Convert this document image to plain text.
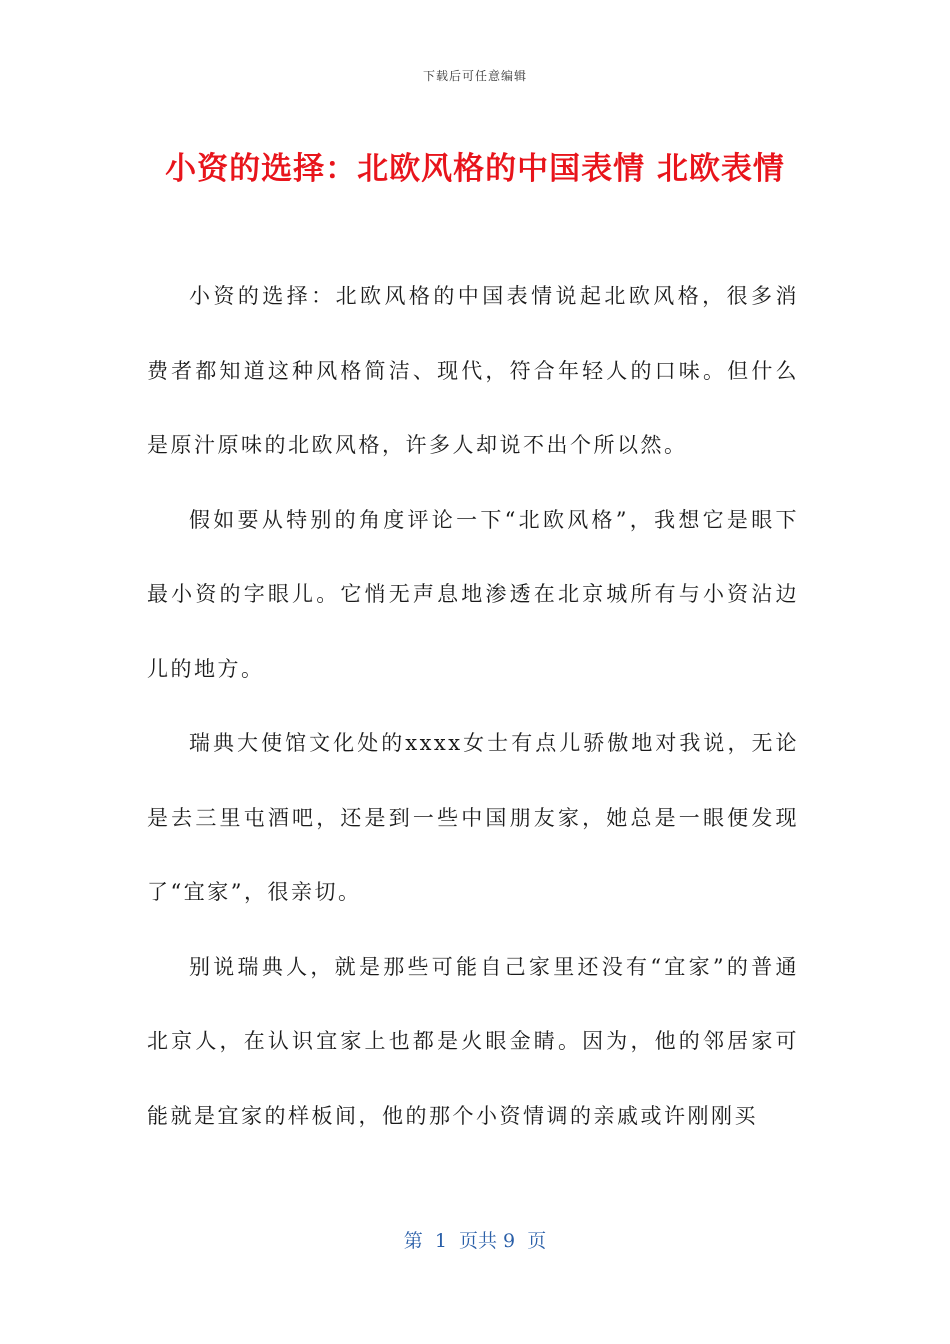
下载后可任意编辑
小资的选择：北欧风格的中国表情 北欧表情

小资的选择：北欧风格的中国表情说起北欧风格，很多消费者都知道这种风格简洁、现代，符合年轻人的口味。但什么是原汁原味的北欧风格，许多人却说不出个所以然。

假如要从特别的角度评论一下“北欧风格”，我想它是眼下最小资的字眼儿。它悄无声息地渗透在北京城所有与小资沾边儿的地方。

瑞典大使馆文化处的xxxx女士有点儿骄傲地对我说，无论是去三里屯酒吧，还是到一些中国朋友家，她总是一眼便发现了“宜家”，很亲切。

别说瑞典人，就是那些可能自己家里还没有“宜家”的普通北京人，在认识宜家上也都是火眼金睛。因为，他的邻居家可能就是宜家的样板间，他的那个小资情调的亲戚或许刚刚买

第  1  页共 9  页
